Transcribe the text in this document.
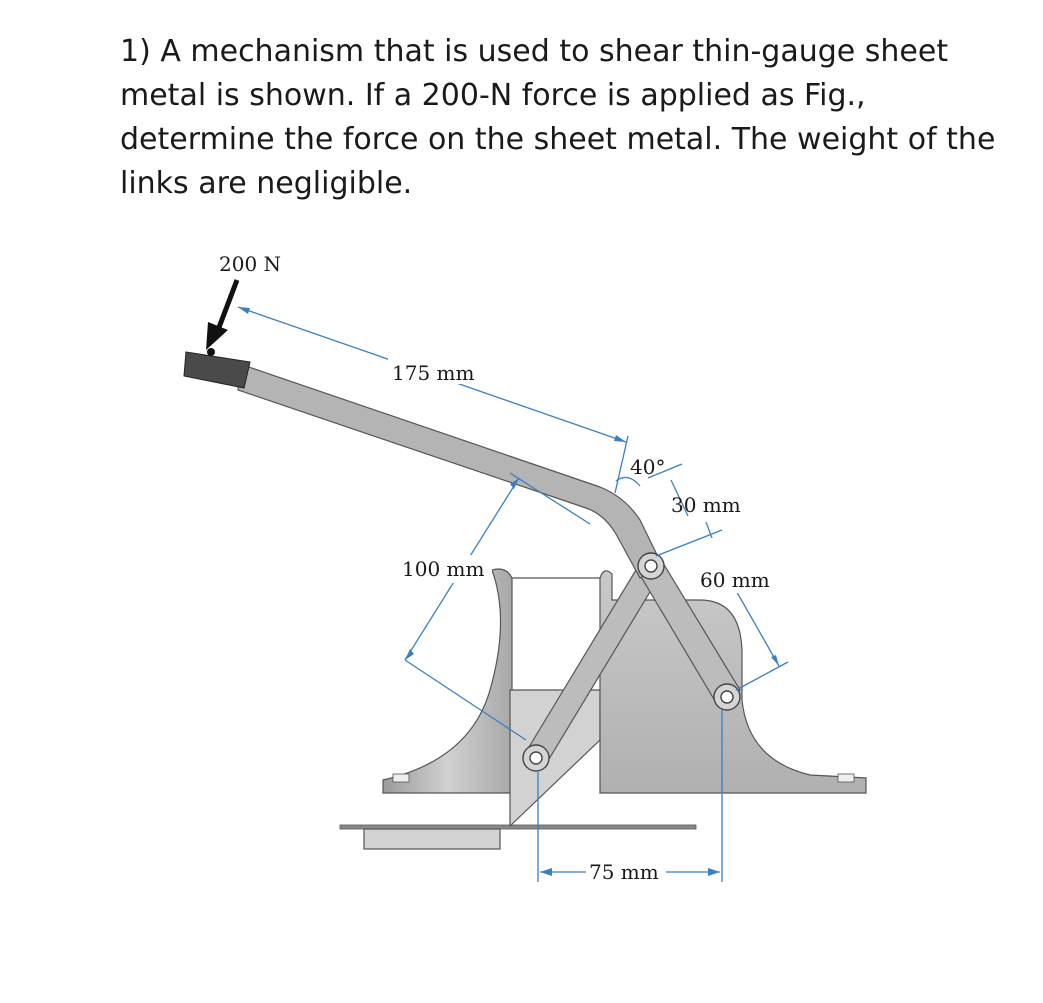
1) A mechanism that is used to shear thin-gauge sheet
metal is shown. If a 200-N force is applied as Fig.,
determine the force on the sheet metal. The weight of the
links are negligible.
200 N
175 mm
40°
30 mm
100 mm	60 mm
75 mm
